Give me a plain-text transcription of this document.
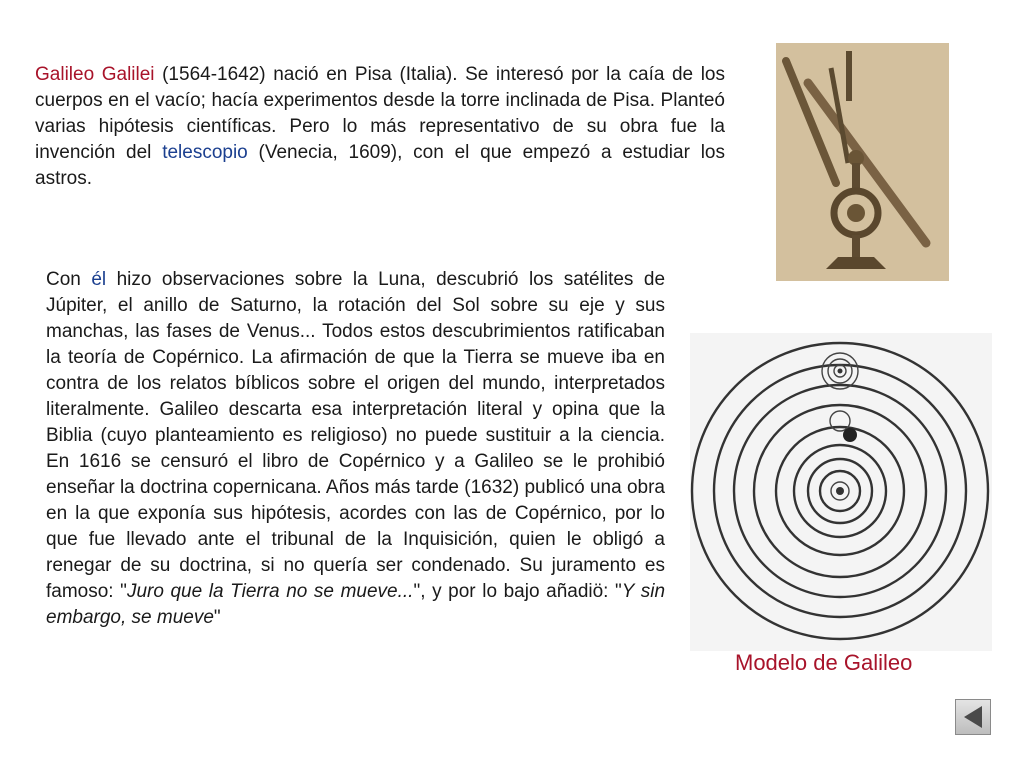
Galileo Galilei (1564-1642) nació en Pisa (Italia). Se interesó por la caía de los cuerpos en el vacío; hacía experimentos desde la torre inclinada de Pisa. Planteó varias hipótesis científicas. Pero lo más representativo de su obra fue la invención del telescopio (Venecia, 1609), con el que empezó a estudiar los astros.

Con él hizo observaciones sobre la Luna, descubrió los satélites de Júpiter, el anillo de Saturno, la rotación del Sol sobre su eje y sus manchas, las fases de Venus... Todos estos descubrimientos ratificaban la teoría de Copérnico. La afirmación de que la Tierra se mueve iba en contra de los relatos bíblicos sobre el origen del mundo, interpretados literalmente. Galileo descarta esa interpretación literal y opina que la Biblia (cuyo planteamiento es religioso) no puede sustituir a la ciencia. En 1616 se censuró el libro de Copérnico y a Galileo se le prohibió enseñar la doctrina copernicana. Años más tarde (1632) publicó una obra en la que exponía sus hipótesis, acordes con las de Copérnico, por lo que fue llevado ante el tribunal de la Inquisición, quien le obligó a renegar de su doctrina, si no quería ser condenado. Su juramento es famoso: "Juro que la Tierra no se mueve...", y por lo bajo añadiö: "Y sin embargo, se mueve"

Modelo de Galileo
